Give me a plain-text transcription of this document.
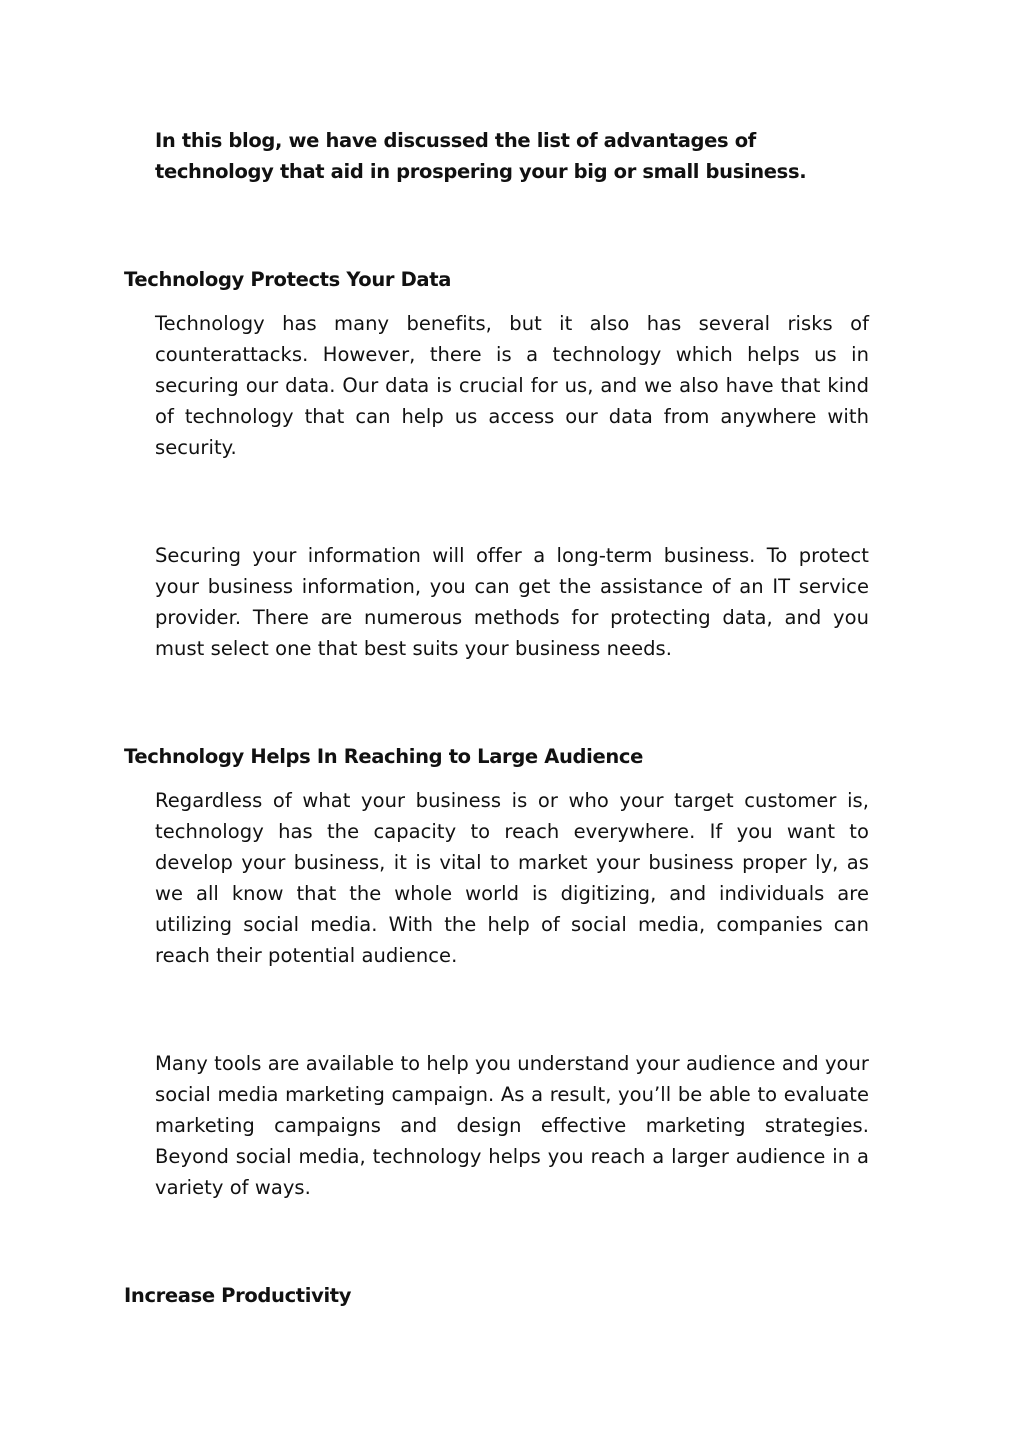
In this blog, we have discussed the list of advantages of technology that aid in prospering your big or small business.

Technology Protects Your Data

Technology has many benefits, but it also has several risks of counterattacks. However, there is a technology which helps us in securing our data. Our data is crucial for us, and we also have that kind of technology that can help us access our data from anywhere with security.

Securing your information will offer a long-term business. To protect your business information, you can get the assistance of an IT service provider. There are numerous methods for protecting data, and you must select one that best suits your business needs.

Technology Helps In Reaching to Large Audience

Regardless of what your business is or who your target customer is, technology has the capacity to reach everywhere. If you want to develop your business, it is vital to market your business proper ly, as we all know that the whole world is digitizing, and individuals are utilizing social media. With the help of social media, companies can reach their potential audience.

Many tools are available to help you understand your audience and your social media marketing campaign. As a result, you’ll be able to evaluate marketing campaigns and design effective marketing strategies. Beyond social media, technology helps you reach a larger audience in a variety of ways.

Increase Productivity
